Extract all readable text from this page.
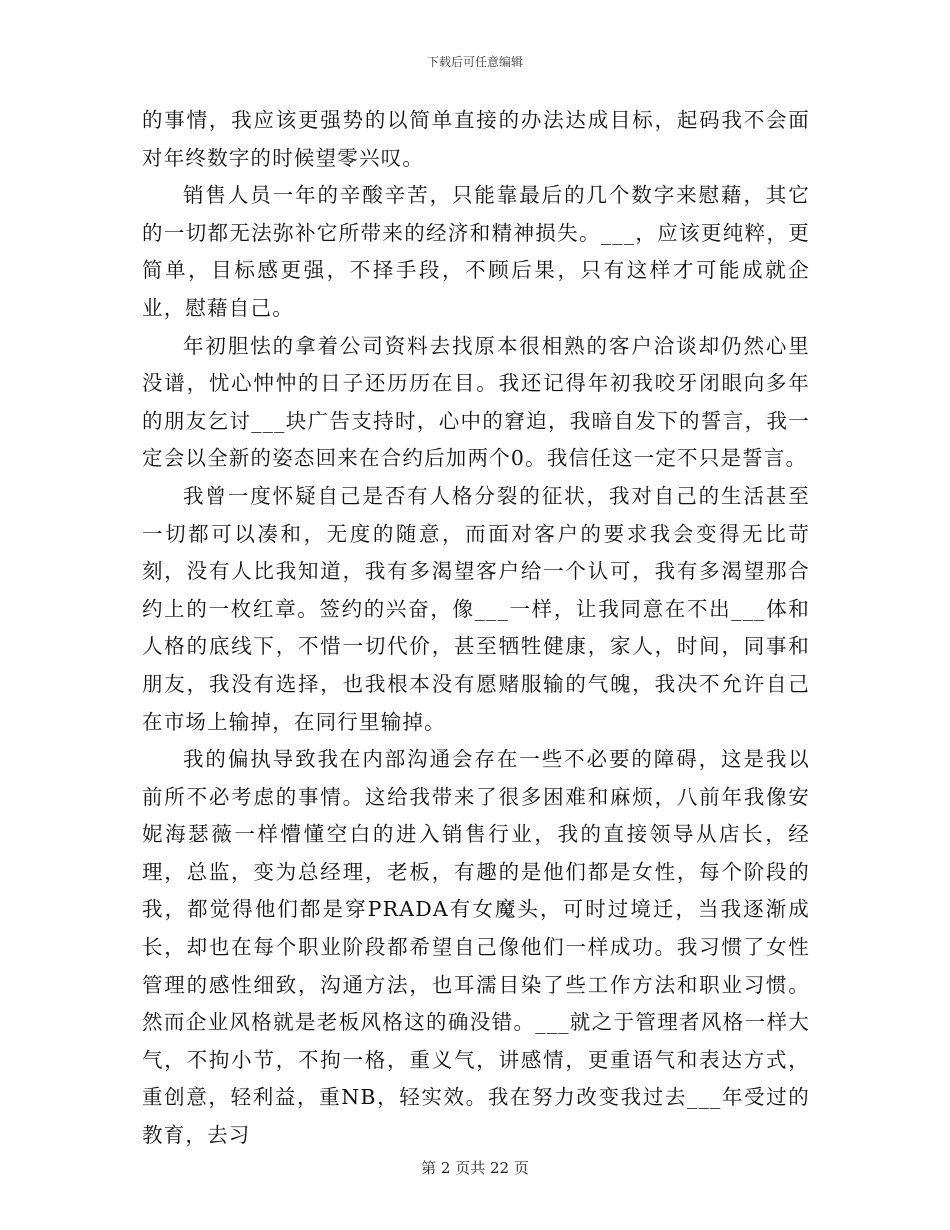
下载后可任意编辑

的事情，我应该更强势的以简单直接的办法达成目标，起码我不会面对年终数字的时候望零兴叹。

销售人员一年的辛酸辛苦，只能靠最后的几个数字来慰藉，其它的一切都无法弥补它所带来的经济和精神损失。___，应该更纯粹，更简单，目标感更强，不择手段，不顾后果，只有这样才可能成就企业，慰藉自己。

年初胆怯的拿着公司资料去找原本很相熟的客户洽谈却仍然心里没谱，忧心忡忡的日子还历历在目。我还记得年初我咬牙闭眼向多年的朋友乞讨___块广告支持时，心中的窘迫，我暗自发下的誓言，我一定会以全新的姿态回来在合约后加两个0。我信任这一定不只是誓言。

我曾一度怀疑自己是否有人格分裂的征状，我对自己的生活甚至一切都可以凑和，无度的随意，而面对客户的要求我会变得无比苛刻，没有人比我知道，我有多渴望客户给一个认可，我有多渴望那合约上的一枚红章。签约的兴奋，像___一样，让我同意在不出___体和人格的底线下，不惜一切代价，甚至牺牲健康，家人，时间，同事和朋友，我没有选择，也我根本没有愿赌服输的气魄，我决不允许自己在市场上输掉，在同行里输掉。

我的偏执导致我在内部沟通会存在一些不必要的障碍，这是我以前所不必考虑的事情。这给我带来了很多困难和麻烦，八前年我像安妮海瑟薇一样懵懂空白的进入销售行业，我的直接领导从店长，经理，总监，变为总经理，老板，有趣的是他们都是女性，每个阶段的我，都觉得他们都是穿PRADA有女魔头，可时过境迁，当我逐渐成长，却也在每个职业阶段都希望自己像他们一样成功。我习惯了女性管理的感性细致，沟通方法，也耳濡目染了些工作方法和职业习惯。然而企业风格就是老板风格这的确没错。___就之于管理者风格一样大气，不拘小节，不拘一格，重义气，讲感情，更重语气和表达方式，重创意，轻利益，重NB，轻实效。我在努力改变我过去___年受过的教育，去习

第 2 页共 22 页
